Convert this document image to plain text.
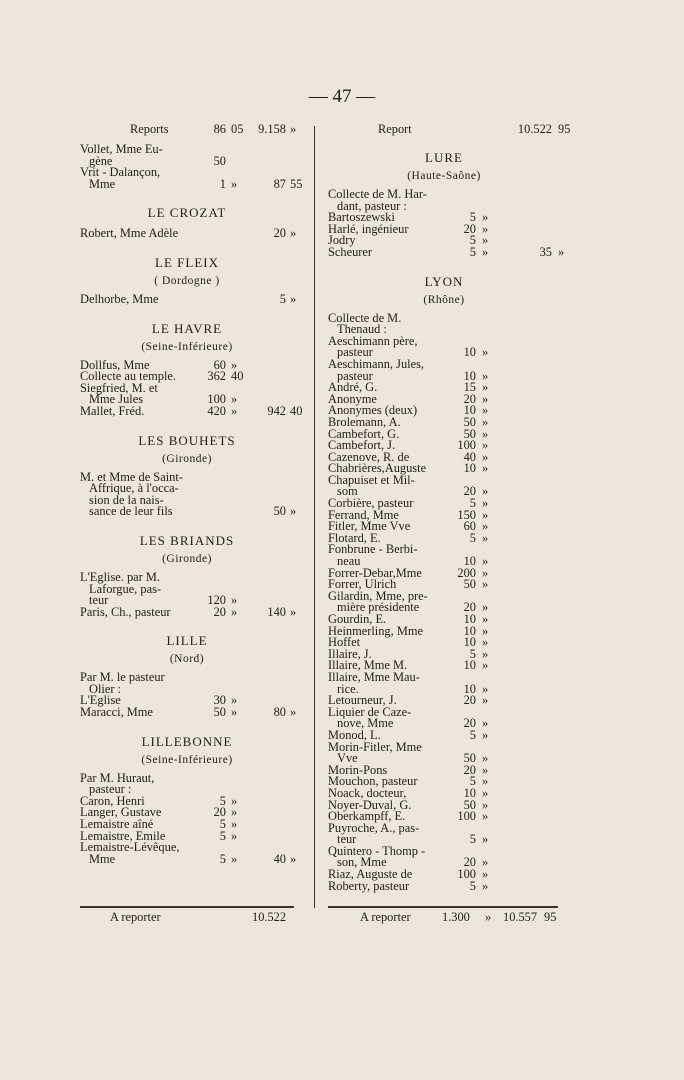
— 47 —
Reports	86 05 9.158 »
Vollet, Mme Eu-
gène	50
Vrit - Dalançon,
Mme	1 »	87 55
LE CROZAT
Robert, Mme Adèle	20 »
LE FLEIX
( Dordogne )
Delhorbe, Mme	5 »
LE HAVRE
(Seine-Inférieure)
Dollfus, Mme	60 »
Collecte au temple.	362 40
Siegfried, M. et
Mme Jules	100 »
Mallet, Fréd.	420 » 942 40
LES BOUHETS
(Gironde)
M. et Mme de Saint-
Affrique, à l'occa-
sion de la nais-
sance de leur fils	50 »
LES BRIANDS
(Gironde)
L'Eglise. par M.
Laforgue, pas-
teur	120 »
Paris, Ch., pasteur	20 » 140 »
LILLE
(Nord)
Par M. le pasteur
Olier :
L'Eglise	30 »
Maracci, Mme	50 »	80 »
LILLEBONNE
(Seine-Inférieure)
Par M. Huraut,
pasteur :
Caron, Henri	5 »
Langer, Gustave	20 »
Lemaistre aîné	5 »
Lemaistre, Emile	5 »
Lemaistre-Lévêque,
Mme	5 »	40 »
Report	10.522 95
LURE
(Haute-Saône)
Collecte de M. Har-
dant, pasteur :
Bartoszewski	5 »
Harlé, ingénieur	20 »
Jodry	5 »
Scheurer	5 »	35 »
LYON
(Rhône)
Collecte de M.
Thenaud :
Aeschimann père,
pasteur	10 »
Aeschimann, Jules,
pasteur	10 »
André, G.	15 »
Anonyme	20 »
Anonymes (deux)	10 »
Brolemann, A.	50 »
Cambefort, G.	50 »
Cambefort, J.	100 »
Cazenove, R. de	40 »
Chabrières,Auguste	10 »
Chapuiset et Mil-
som	20 »
Corbière, pasteur	5 »
Ferrand, Mme	150 »
Fitler, Mme Vve	60 »
Flotard, E.	5 »
Fonbrune - Berbi-
neau	10 »
Forrer-Debar,Mme	200 »
Forrer, Ulrich	50 »
Gilardin, Mme, pre-
mière présidente	20 »
Gourdin, E.	10 »
Heinmerling, Mme	10 »
Hoffet	10 »
Illaire, J.	5 »
Illaire, Mme M.	10 »
Illaire, Mme Mau-
rice.	10 »
Letourneur, J.	20 »
Liquier de Caze-
nove, Mme	20 »
Monod, L.	5 »
Morin-Fitler, Mme
Vve	50 »
Morin-Pons	20 »
Mouchon, pasteur	5 »
Noack, docteur,	10 »
Noyer-Duval, G.	50 »
Oberkampff, E.	100 »
Puyroche, A., pas-
teur	5 »
Quintero - Thomp -
son, Mme	20 »
Riaz, Auguste de	100 »
Roberty, pasteur	5 »
A reporter	10.522	A reporter	1.300 » 10.557 95
